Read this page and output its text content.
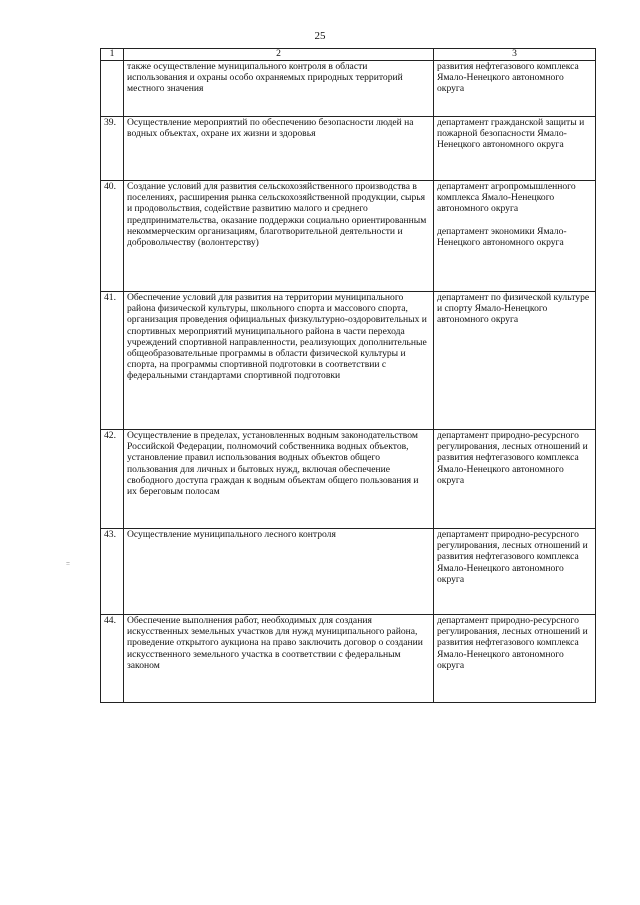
25
1	2	3
	также осуществление муниципального контроля в области использования и охраны особо охраняемых природных территорий местного значения	развития нефтегазового комплекса Ямало-Ненецкого автономного округа

39.	Осуществление мероприятий по обеспечению безопасности людей на водных объектах, охране их жизни и здоровья	департамент гражданской защиты и пожарной безопасности Ямало-Ненецкого автономного округа

40.	Создание условий для развития сельскохозяйственного производства в поселениях, расширения рынка сельскохозяйственной продукции, сырья и продовольствия, содействие развитию малого и среднего предпринимательства, оказание поддержки социально ориентированным некоммерческим организациям, благотворительной деятельности и добровольчеству (волонтерству)	департамент агропромышленного комплекса Ямало-Ненецкого автономного округа
департамент экономики Ямало-Ненецкого автономного округа

41.	Обеспечение условий для развития на территории муниципального района физической культуры, школьного спорта и массового спорта, организация проведения официальных физкультурно-оздоровительных и спортивных мероприятий муниципального района в части перехода учреждений спортивной направленности, реализующих дополнительные общеобразовательные программы в области физической культуры и спорта, на программы спортивной подготовки в соответствии с федеральными стандартами спортивной подготовки	департамент по физической культуре и спорту Ямало-Ненецкого автономного округа

42.	Осуществление в пределах, установленных водным законодательством Российской Федерации, полномочий собственника водных объектов, установление правил использования водных объектов общего пользования для личных и бытовых нужд, включая обеспечение свободного доступа граждан к водным объектам общего пользования и их береговым полосам	департамент природно-ресурсного регулирования, лесных отношений и развития нефтегазового комплекса Ямало-Ненецкого автономного округа

43.	Осуществление муниципального лесного контроля	департамент природно-ресурсного регулирования, лесных отношений и развития нефтегазового комплекса Ямало-Ненецкого автономного округа

44.	Обеспечение выполнения работ, необходимых для создания искусственных земельных участков для нужд муниципального района, проведение открытого аукциона на право заключить договор о создании искусственного земельного участка в соответствии с федеральным законом	департамент природно-ресурсного регулирования, лесных отношений и развития нефтегазового комплекса Ямало-Ненецкого автономного округа
=
